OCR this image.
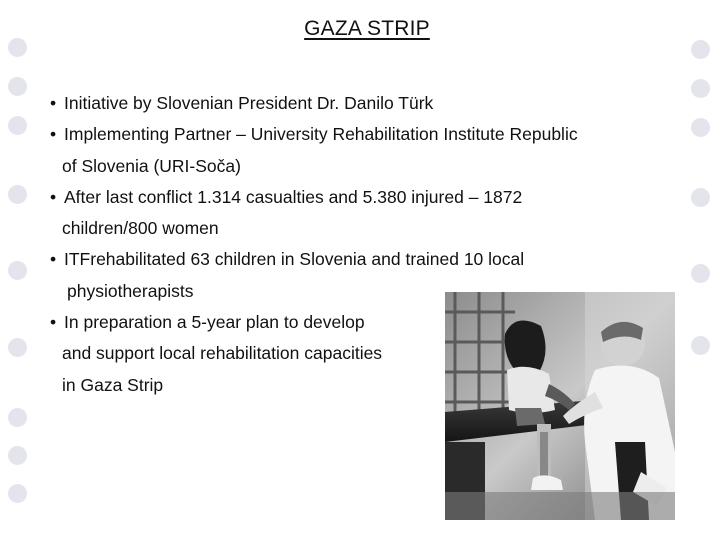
GAZA STRIP
• Initiative by Slovenian President Dr. Danilo Türk
• Implementing Partner – University Rehabilitation Institute Republic
of Slovenia (URI-Soča)
• After last conflict 1.314 casualties and 5.380 injured – 1872
children/800 women
• ITFrehabilitated 63 children in Slovenia and trained 10 local
physiotherapists
• In preparation a 5-year plan to develop
and support local rehabilitation capacities
in Gaza Strip
